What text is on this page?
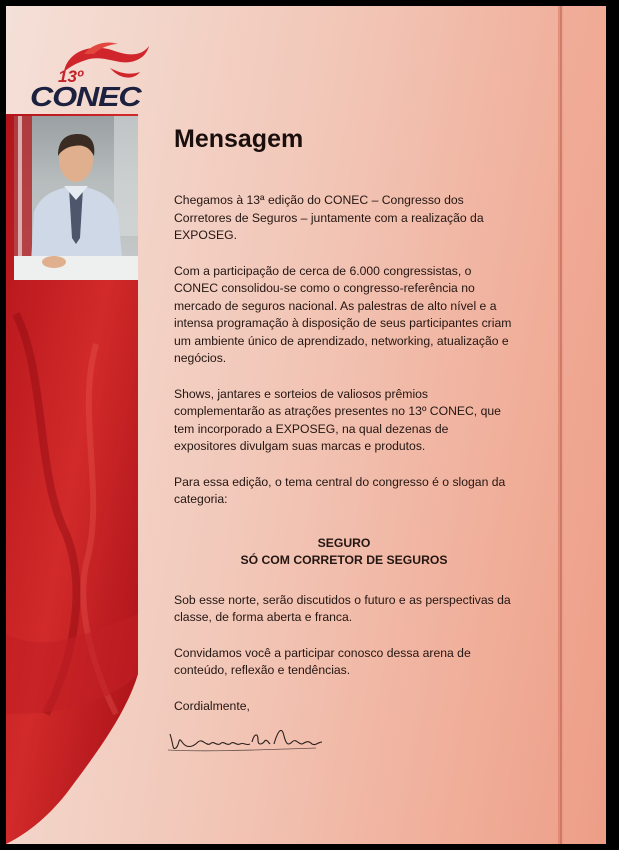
13º
CONEC
Mensagem

Chegamos à 13ª edição do CONEC – Congresso dos Corretores de Seguros – juntamente com a realização da EXPOSEG.

Com a participação de cerca de 6.000 congressistas, o CONEC consolidou-se como o congresso-referência no mercado de seguros nacional. As palestras de alto nível e a intensa programação à disposição de seus participantes criam um ambiente único de aprendizado, networking, atualização e negócios.

Shows, jantares e sorteios de valiosos prêmios complementarão as atrações presentes no 13º CONEC, que tem incorporado a EXPOSEG, na qual dezenas de expositores divulgam suas marcas e produtos.

Para essa edição, o tema central do congresso é o slogan da categoria:

SEGURO
SÓ COM CORRETOR DE SEGUROS

Sob esse norte, serão discutidos o futuro e as perspectivas da classe, de forma aberta e franca.

Convidamos você a participar conosco dessa arena de conteúdo, reflexão e tendências.

Cordialmente,
